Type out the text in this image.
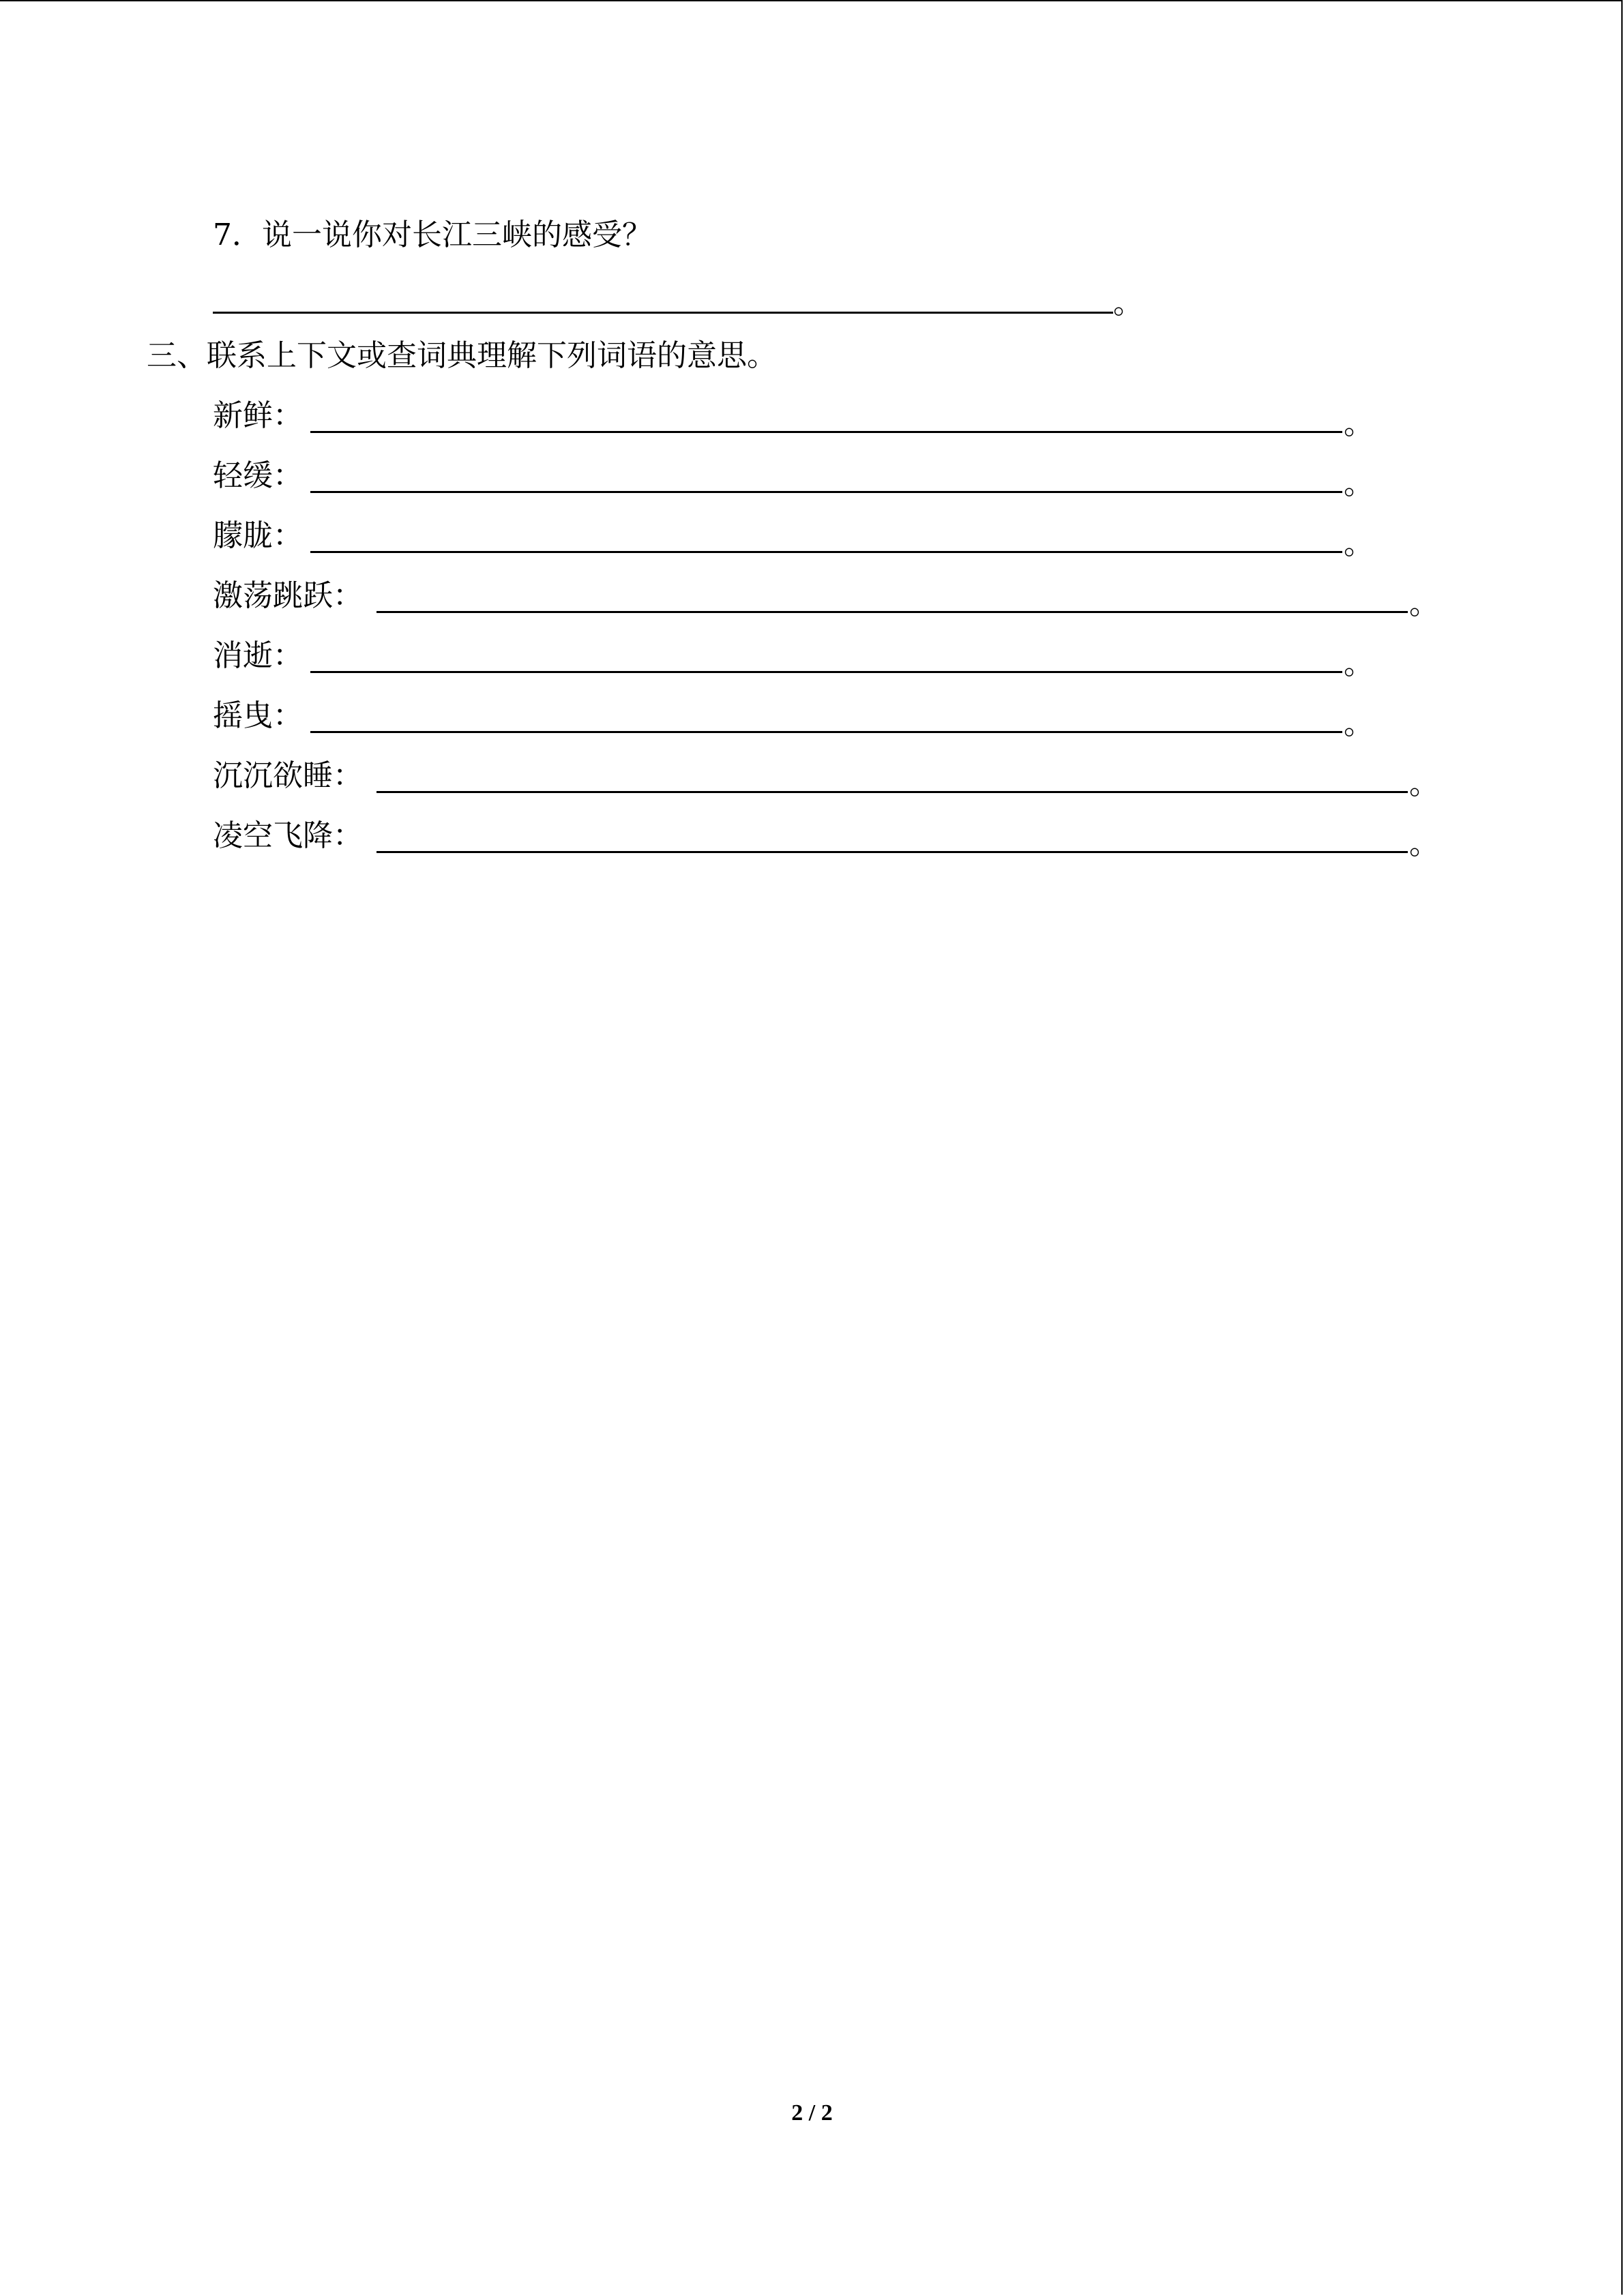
7．说一说你对长江三峡的感受？
。
三、联系上下文或查词典理解下列词语的意思。
新鲜：	。
轻缓：	。
朦胧：	。
激荡跳跃：	。
消逝：	。
摇曳：	。
沉沉欲睡：	。
凌空飞降：	。
2 / 2
